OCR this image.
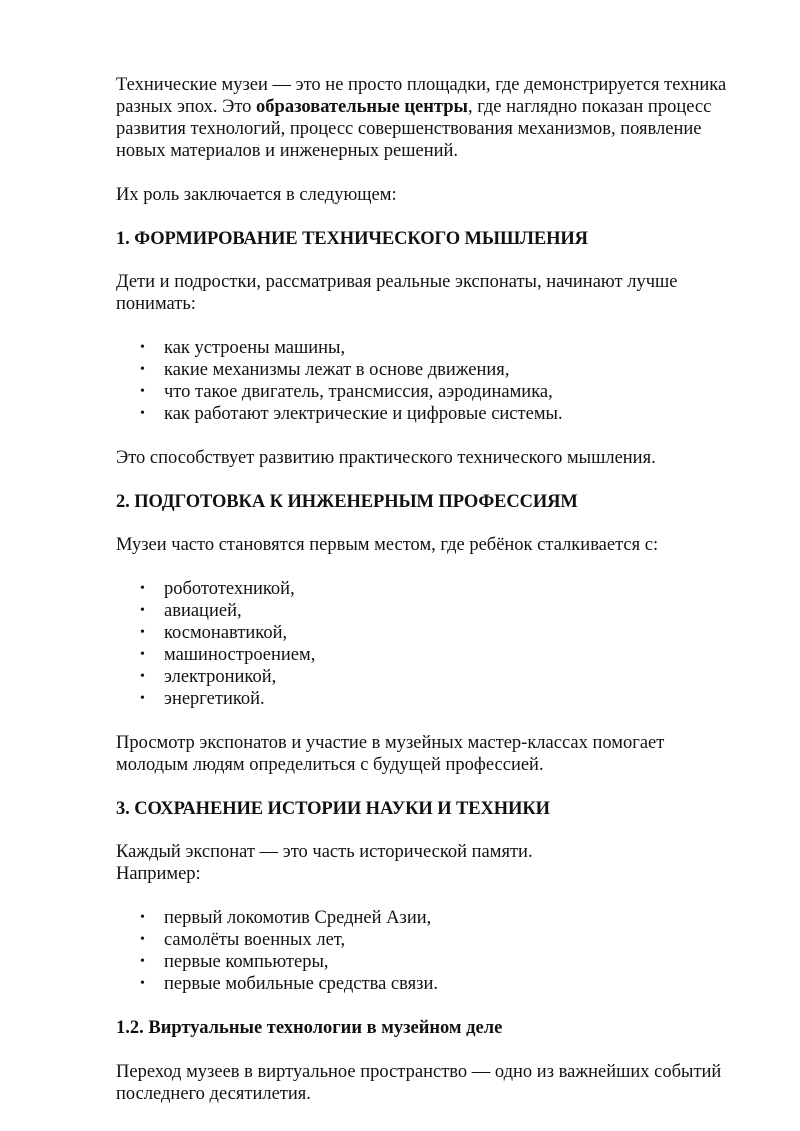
Технические музеи — это не просто площадки, где демонстрируется техника разных эпох. Это образовательные центры, где наглядно показан процесс развития технологий, процесс совершенствования механизмов, появление новых материалов и инженерных решений.

Их роль заключается в следующем:

1. ФОРМИРОВАНИЕ ТЕХНИЧЕСКОГО МЫШЛЕНИЯ

Дети и подростки, рассматривая реальные экспонаты, начинают лучше понимать:

• как устроены машины,
• какие механизмы лежат в основе движения,
• что такое двигатель, трансмиссия, аэродинамика,
• как работают электрические и цифровые системы.

Это способствует развитию практического технического мышления.

2. ПОДГОТОВКА К ИНЖЕНЕРНЫМ ПРОФЕССИЯМ

Музеи часто становятся первым местом, где ребёнок сталкивается с:

• робототехникой,
• авиацией,
• космонавтикой,
• машиностроением,
• электроникой,
• энергетикой.

Просмотр экспонатов и участие в музейных мастер-классах помогает молодым людям определиться с будущей профессией.

3. СОХРАНЕНИЕ ИСТОРИИ НАУКИ И ТЕХНИКИ

Каждый экспонат — это часть исторической памяти.

Например:

• первый локомотив Средней Азии,
• самолёты военных лет,
• первые компьютеры,
• первые мобильные средства связи.

1.2. Виртуальные технологии в музейном деле

Переход музеев в виртуальное пространство — одно из важнейших событий последнего десятилетия.
